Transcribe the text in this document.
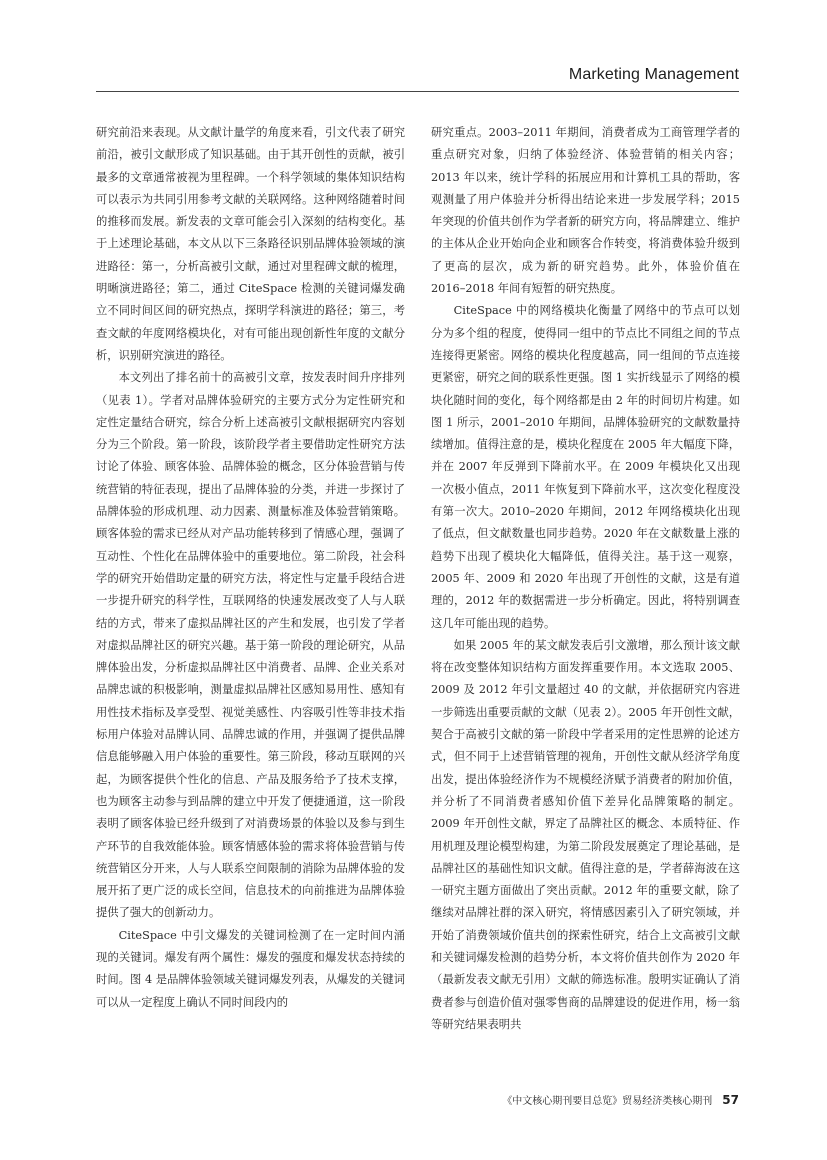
Marketing Management

研究前沿来表现。从文献计量学的角度来看，引文代表了研究前沿，被引文献形成了知识基础。由于其开创性的贡献，被引最多的文章通常被视为里程碑。一个科学领域的集体知识结构可以表示为共同引用参考文献的关联网络。这种网络随着时间的推移而发展。新发表的文章可能会引入深刻的结构变化。基于上述理论基础，本文从以下三条路径识别品牌体验领域的演进路径：第一，分析高被引文献，通过对里程碑文献的梳理，明晰演进路径；第二，通过 CiteSpace 检测的关键词爆发确立不同时间区间的研究热点，探明学科演进的路径；第三，考查文献的年度网络模块化，对有可能出现创新性年度的文献分析，识别研究演进的路径。

本文列出了排名前十的高被引文章，按发表时间升序排列（见表 1）。学者对品牌体验研究的主要方式分为定性研究和定性定量结合研究，综合分析上述高被引文献根据研究内容划分为三个阶段。第一阶段，该阶段学者主要借助定性研究方法讨论了体验、顾客体验、品牌体验的概念，区分体验营销与传统营销的特征表现，提出了品牌体验的分类，并进一步探讨了品牌体验的形成机理、动力因素、测量标准及体验营销策略。顾客体验的需求已经从对产品功能转移到了情感心理，强调了互动性、个性化在品牌体验中的重要地位。第二阶段，社会科学的研究开始借助定量的研究方法，将定性与定量手段结合进一步提升研究的科学性，互联网络的快速发展改变了人与人联结的方式，带来了虚拟品牌社区的产生和发展，也引发了学者对虚拟品牌社区的研究兴趣。基于第一阶段的理论研究，从品牌体验出发，分析虚拟品牌社区中消费者、品牌、企业关系对品牌忠诚的积极影响，测量虚拟品牌社区感知易用性、感知有用性技术指标及享受型、视觉美感性、内容吸引性等非技术指标用户体验对品牌认同、品牌忠诚的作用，并强调了提供品牌信息能够融入用户体验的重要性。第三阶段，移动互联网的兴起，为顾客提供个性化的信息、产品及服务给予了技术支撑，也为顾客主动参与到品牌的建立中开发了便捷通道，这一阶段表明了顾客体验已经升级到了对消费场景的体验以及参与到生产环节的自我效能体验。顾客情感体验的需求将体验营销与传统营销区分开来，人与人联系空间限制的消除为品牌体验的发展开拓了更广泛的成长空间，信息技术的向前推进为品牌体验提供了强大的创新动力。

CiteSpace 中引文爆发的关键词检测了在一定时间内涌现的关键词。爆发有两个属性：爆发的强度和爆发状态持续的时间。图 4 是品牌体验领域关键词爆发列表，从爆发的关键词可以从一定程度上确认不同时间段内的

研究重点。2003–2011 年期间，消费者成为工商管理学者的重点研究对象，归纳了体验经济、体验营销的相关内容；2013 年以来，统计学科的拓展应用和计算机工具的帮助，客观测量了用户体验并分析得出结论来进一步发展学科；2015 年突现的价值共创作为学者新的研究方向，将品牌建立、维护的主体从企业开始向企业和顾客合作转变，将消费体验升级到了更高的层次，成为新的研究趋势。此外，体验价值在 2016–2018 年间有短暂的研究热度。

CiteSpace 中的网络模块化衡量了网络中的节点可以划分为多个组的程度，使得同一组中的节点比不同组之间的节点连接得更紧密。网络的模块化程度越高，同一组间的节点连接更紧密，研究之间的联系性更强。图 1 实折线显示了网络的模块化随时间的变化，每个网络都是由 2 年的时间切片构建。如图 1 所示，2001–2010 年期间，品牌体验研究的文献数量持续增加。值得注意的是，模块化程度在 2005 年大幅度下降，并在 2007 年反弹到下降前水平。在 2009 年模块化又出现一次极小值点，2011 年恢复到下降前水平，这次变化程度没有第一次大。2010–2020 年期间，2012 年网络模块化出现了低点，但文献数量也同步趋势。2020 年在文献数量上涨的趋势下出现了模块化大幅降低，值得关注。基于这一观察，2005 年、2009 和 2020 年出现了开创性的文献，这是有道理的，2012 年的数据需进一步分析确定。因此，将特别调查这几年可能出现的趋势。

如果 2005 年的某文献发表后引文激增，那么预计该文献将在改变整体知识结构方面发挥重要作用。本文选取 2005、2009 及 2012 年引文量超过 40 的文献，并依据研究内容进一步筛选出重要贡献的文献（见表 2）。2005 年开创性文献，契合于高被引文献的第一阶段中学者采用的定性思辨的论述方式，但不同于上述营销管理的视角，开创性文献从经济学角度出发，提出体验经济作为不规模经济赋予消费者的附加价值，并分析了不同消费者感知价值下差异化品牌策略的制定。2009 年开创性文献，界定了品牌社区的概念、本质特征、作用机理及理论模型构建，为第二阶段发展奠定了理论基础，是品牌社区的基础性知识文献。值得注意的是，学者薛海波在这一研究主题方面做出了突出贡献。2012 年的重要文献，除了继续对品牌社群的深入研究，将情感因素引入了研究领域，并开始了消费领域价值共创的探索性研究，结合上文高被引文献和关键词爆发检测的趋势分析，本文将价值共创作为 2020 年（最新发表文献无引用）文献的筛选标准。殷明实证确认了消费者参与创造价值对强零售商的品牌建设的促进作用，杨一翁等研究结果表明共

《中文核心期刊要目总览》贸易经济类核心期刊 57
